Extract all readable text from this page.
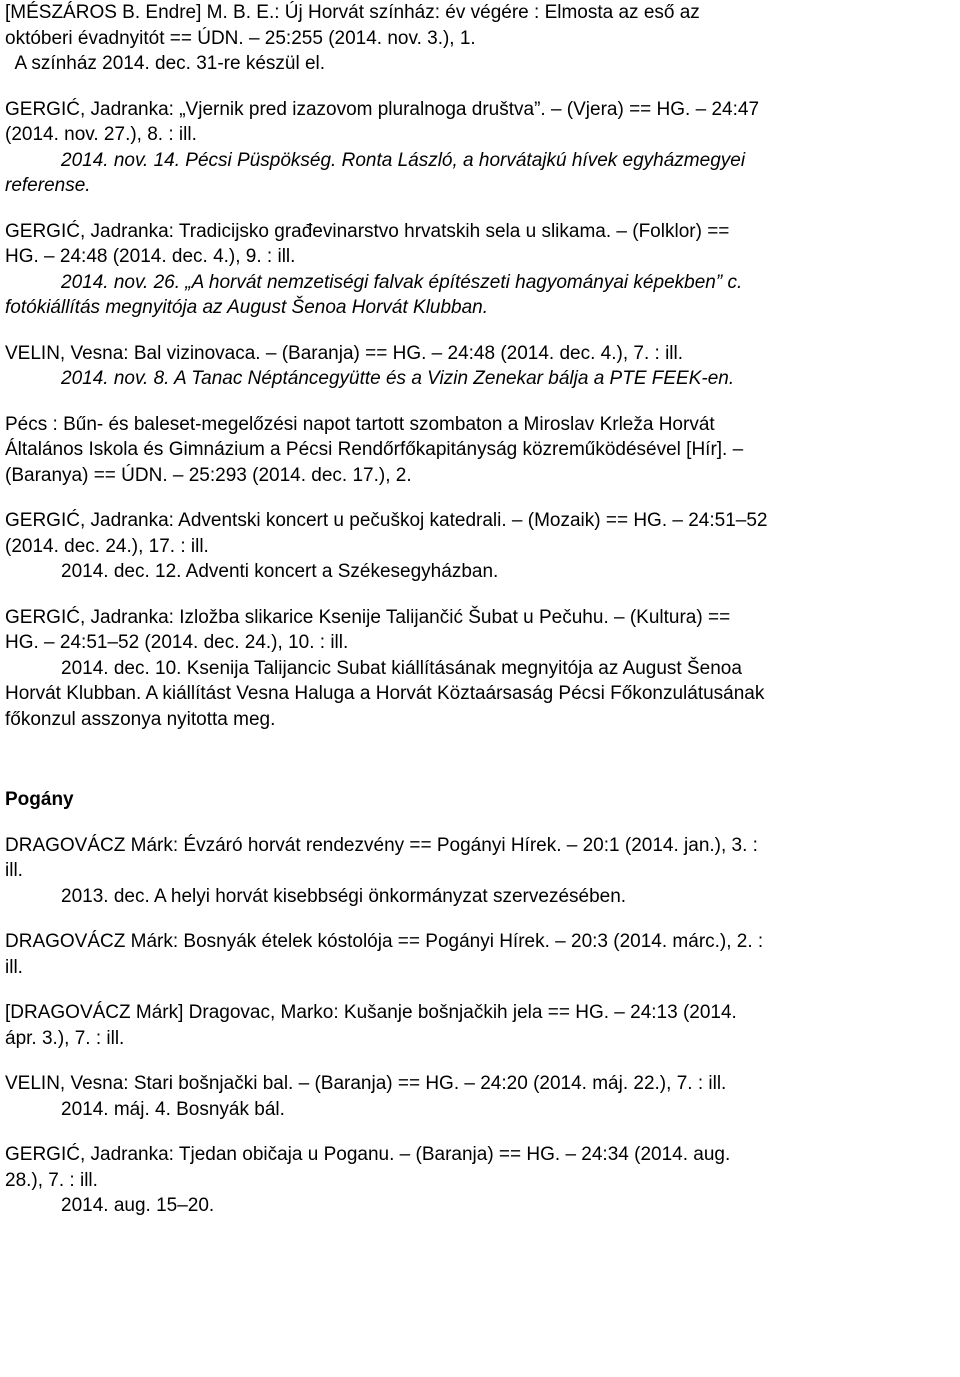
[MÉSZÁROS B. Endre] M. B. E.: Új Horvát színház: év végére : Elmosta az eső az

októberi évadnyitót == ÚDN. – 25:255 (2014. nov. 3.), 1.

A színház 2014. dec. 31-re készül el.

GERGIĆ, Jadranka: „Vjernik pred izazovom pluralnoga društva”. – (Vjera) == HG. – 24:47

(2014. nov. 27.), 8. : ill.

2014. nov. 14. Pécsi Püspökség. Ronta László, a horvátajkú hívek egyházmegyei

referense.

GERGIĆ, Jadranka: Tradicijsko građevinarstvo hrvatskih sela u slikama. – (Folklor) ==

HG. – 24:48 (2014. dec. 4.), 9. : ill.

2014. nov. 26. „A horvát nemzetiségi falvak építészeti hagyományai képekben” c.

fotókiállítás megnyitója az August Šenoa Horvát Klubban.

VELIN, Vesna: Bal vizinovaca. – (Baranja) == HG. – 24:48 (2014. dec. 4.), 7. : ill.

2014. nov. 8. A Tanac Néptáncegyütte és a Vizin Zenekar bálja a PTE FEEK-en.

Pécs : Bűn- és baleset-megelőzési napot tartott szombaton a Miroslav Krleža Horvát

Általános Iskola és Gimnázium a Pécsi Rendőrfőkapitányság közreműködésével [Hír]. –

(Baranya) == ÚDN. – 25:293 (2014. dec. 17.), 2.

GERGIĆ, Jadranka: Adventski koncert u pečuškoj katedrali. – (Mozaik) == HG. – 24:51–52

(2014. dec. 24.), 17. : ill.

2014. dec. 12. Adventi koncert a Székesegyházban.

GERGIĆ, Jadranka: Izložba slikarice Ksenije Talijančić Šubat u Pečuhu. – (Kultura) ==

HG. – 24:51–52 (2014. dec. 24.), 10. : ill.

2014. dec. 10. Ksenija Talijancic Subat kiállításának megnyitója az August Šenoa

Horvát Klubban. A kiállítást Vesna Haluga a Horvát Köztaársaság Pécsi Főkonzulátusának

főkonzul asszonya nyitotta meg.

Pogány

DRAGOVÁCZ Márk: Évzáró horvát rendezvény == Pogányi Hírek. – 20:1 (2014. jan.), 3. :

ill.

2013. dec. A helyi horvát kisebbségi önkormányzat szervezésében.

DRAGOVÁCZ Márk: Bosnyák ételek kóstolója == Pogányi Hírek. – 20:3 (2014. márc.), 2. :

ill.

[DRAGOVÁCZ Márk] Dragovac, Marko: Kušanje bošnjačkih jela == HG. – 24:13 (2014.

ápr. 3.), 7. : ill.

VELIN, Vesna: Stari bošnjački bal. – (Baranja) == HG. – 24:20 (2014. máj. 22.), 7. : ill.

2014. máj. 4. Bosnyák bál.

GERGIĆ, Jadranka: Tjedan običaja u Poganu. – (Baranja) == HG. – 24:34 (2014. aug.

28.), 7. : ill.

2014. aug. 15–20.
